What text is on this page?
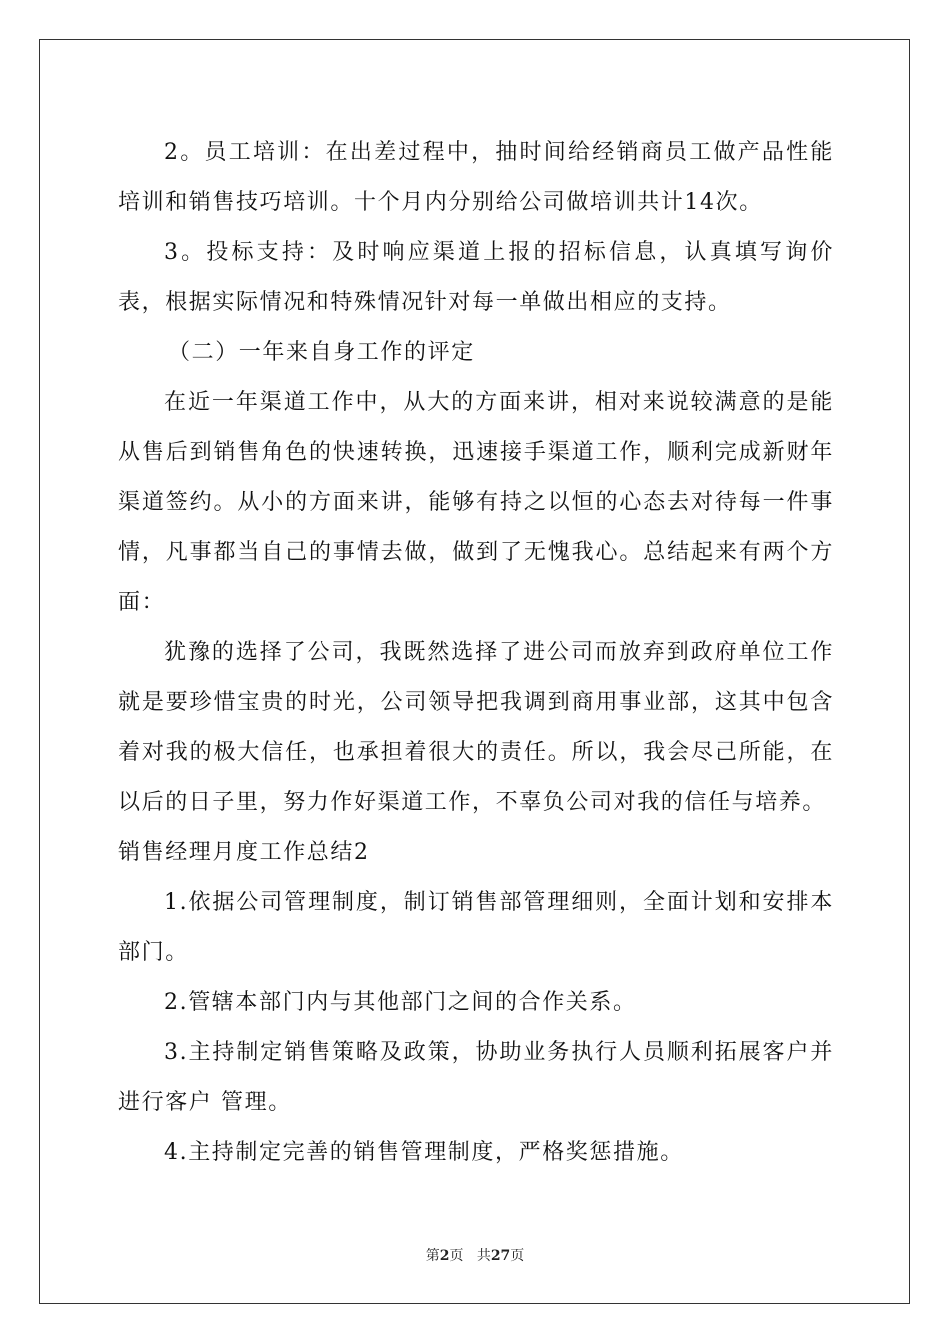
2。员工培训：在出差过程中，抽时间给经销商员工做产品性能培训和销售技巧培训。十个月内分别给公司做培训共计14次。

3。投标支持：及时响应渠道上报的招标信息，认真填写询价表，根据实际情况和特殊情况针对每一单做出相应的支持。

（二）一年来自身工作的评定

在近一年渠道工作中，从大的方面来讲，相对来说较满意的是能从售后到销售角色的快速转换，迅速接手渠道工作，顺利完成新财年渠道签约。从小的方面来讲，能够有持之以恒的心态去对待每一件事情，凡事都当自己的事情去做，做到了无愧我心。总结起来有两个方面：

犹豫的选择了公司，我既然选择了进公司而放弃到政府单位工作就是要珍惜宝贵的时光，公司领导把我调到商用事业部，这其中包含着对我的极大信任，也承担着很大的责任。所以，我会尽己所能，在以后的日子里，努力作好渠道工作，不辜负公司对我的信任与培养。

销售经理月度工作总结2

1.依据公司管理制度，制订销售部管理细则，全面计划和安排本部门。

2.管辖本部门内与其他部门之间的合作关系。

3.主持制定销售策略及政策，协助业务执行人员顺利拓展客户并进行客户 管理。

4.主持制定完善的销售管理制度，严格奖惩措施。

第2页 共27页
